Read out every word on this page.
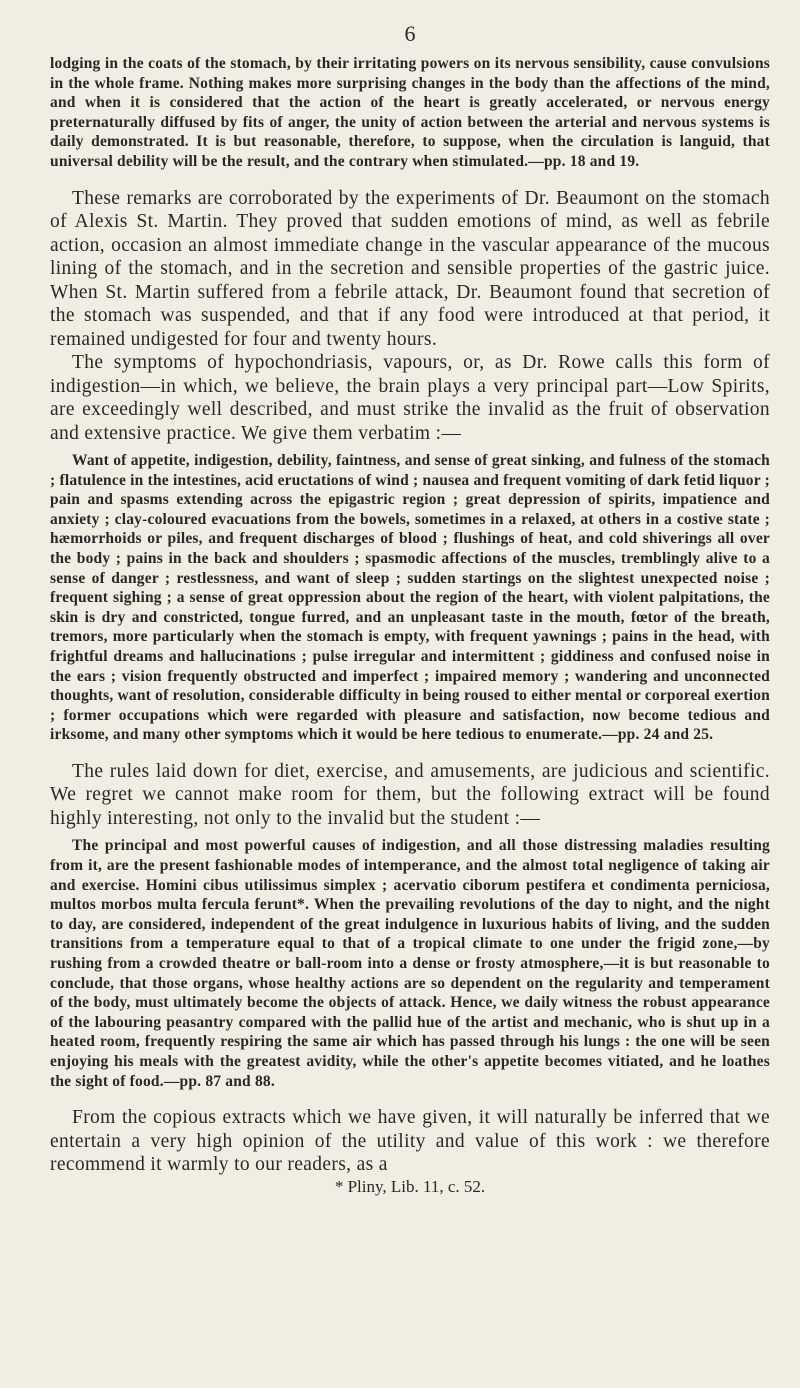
6

lodging in the coats of the stomach, by their irritating powers on its nervous sensibility, cause convulsions in the whole frame. Nothing makes more surprising changes in the body than the affections of the mind, and when it is considered that the action of the heart is greatly accelerated, or nervous energy preternaturally diffused by fits of anger, the unity of action between the arterial and nervous systems is daily demonstrated. It is but reasonable, therefore, to suppose, when the circulation is languid, that universal debility will be the result, and the contrary when stimulated.—pp. 18 and 19.

These remarks are corroborated by the experiments of Dr. Beaumont on the stomach of Alexis St. Martin. They proved that sudden emotions of mind, as well as febrile action, occasion an almost immediate change in the vascular appearance of the mucous lining of the stomach, and in the secretion and sensible properties of the gastric juice. When St. Martin suffered from a febrile attack, Dr. Beaumont found that secretion of the stomach was suspended, and that if any food were introduced at that period, it remained undigested for four and twenty hours.

The symptoms of hypochondriasis, vapours, or, as Dr. Rowe calls this form of indigestion—in which, we believe, the brain plays a very principal part—Low Spirits, are exceedingly well described, and must strike the invalid as the fruit of observation and extensive practice. We give them verbatim :—

Want of appetite, indigestion, debility, faintness, and sense of great sinking, and fulness of the stomach ; flatulence in the intestines, acid eructations of wind ; nausea and frequent vomiting of dark fetid liquor ; pain and spasms extending across the epigastric region ; great depression of spirits, impatience and anxiety ; clay-coloured evacuations from the bowels, sometimes in a relaxed, at others in a costive state ; hæmorrhoids or piles, and frequent discharges of blood ; flushings of heat, and cold shiverings all over the body ; pains in the back and shoulders ; spasmodic affections of the muscles, tremblingly alive to a sense of danger ; restlessness, and want of sleep ; sudden startings on the slightest unexpected noise ; frequent sighing ; a sense of great oppression about the region of the heart, with violent palpitations, the skin is dry and constricted, tongue furred, and an unpleasant taste in the mouth, fœtor of the breath, tremors, more particularly when the stomach is empty, with frequent yawnings ; pains in the head, with frightful dreams and hallucinations ; pulse irregular and intermittent ; giddiness and confused noise in the ears ; vision frequently obstructed and imperfect ; impaired memory ; wandering and unconnected thoughts, want of resolution, considerable difficulty in being roused to either mental or corporeal exertion ; former occupations which were regarded with pleasure and satisfaction, now become tedious and irksome, and many other symptoms which it would be here tedious to enumerate.—pp. 24 and 25.

The rules laid down for diet, exercise, and amusements, are judicious and scientific. We regret we cannot make room for them, but the following extract will be found highly interesting, not only to the invalid but the student :—

The principal and most powerful causes of indigestion, and all those distressing maladies resulting from it, are the present fashionable modes of intemperance, and the almost total negligence of taking air and exercise. Homini cibus utilissimus simplex ; acervatio ciborum pestifera et condimenta perniciosa, multos morbos multa fercula ferunt*. When the prevailing revolutions of the day to night, and the night to day, are considered, independent of the great indulgence in luxurious habits of living, and the sudden transitions from a temperature equal to that of a tropical climate to one under the frigid zone,—by rushing from a crowded theatre or ball-room into a dense or frosty atmosphere,—it is but reasonable to conclude, that those organs, whose healthy actions are so dependent on the regularity and temperament of the body, must ultimately become the objects of attack. Hence, we daily witness the robust appearance of the labouring peasantry compared with the pallid hue of the artist and mechanic, who is shut up in a heated room, frequently respiring the same air which has passed through his lungs : the one will be seen enjoying his meals with the greatest avidity, while the other's appetite becomes vitiated, and he loathes the sight of food.—pp. 87 and 88.

From the copious extracts which we have given, it will naturally be inferred that we entertain a very high opinion of the utility and value of this work : we therefore recommend it warmly to our readers, as a

* Pliny, Lib. 11, c. 52.
